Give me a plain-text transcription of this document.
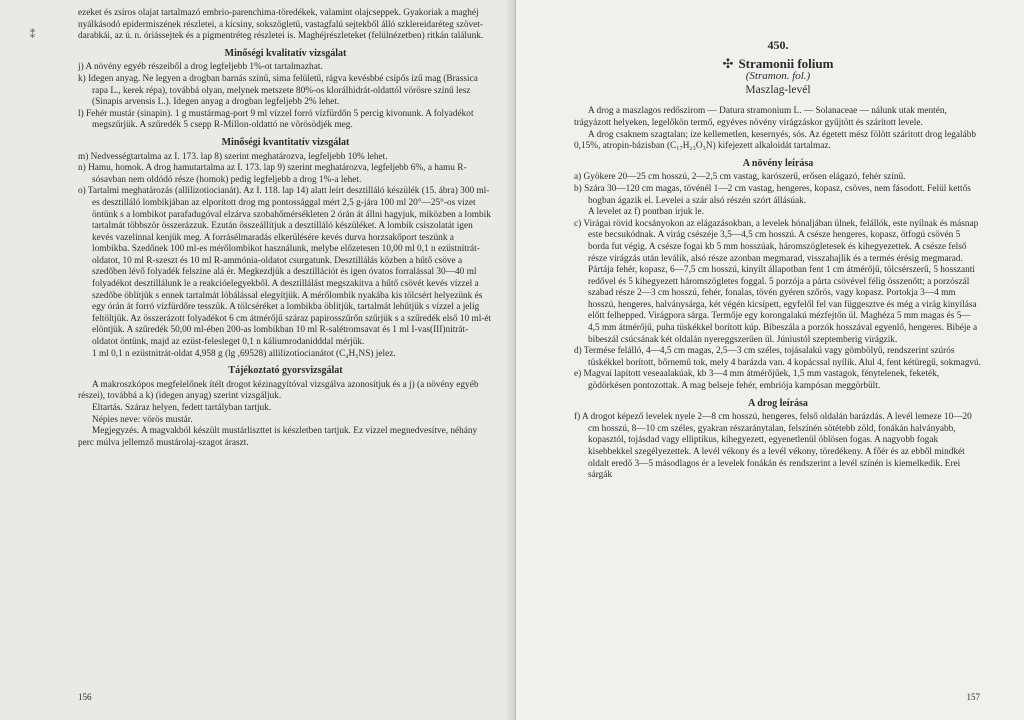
⁑

ezeket és zsíros olajat tartalmazó embrio-parenchima-töredékek, valamint olajcseppek. Gyakoriak a maghéj nyálkásodó epidermiszének részletei, a kicsiny, sokszögletű, vastagfalú sejtekből álló szklereidaréteg szövet-darabkái, az ú. n. óriássejtek és a pigmentréteg részletei is. Maghéjrészleteket (felülnézetben) ritkán találunk.

Minőségi kvalitatív vizsgálat

j) A növény egyéb részeiből a drog legfeljebb 1%-ot tartalmazhat.

k) Idegen anyag. Ne legyen a drogban barnás színű, sima felületű, rágva kevésbbé csípős ízű mag (Brassica rapa L., kerek répa), továbbá olyan, melynek metszete 80%-os klorálhidrát-oldattól vörösre színű lesz (Sinapis arvensis L.). Idegen anyag a drogban legfeljebb 2% lehet.

l) Fehér mustár (sinapin). 1 g mustármag-port 9 ml vízzel forró vízfürdőn 5 percig kivonunk. A folyadékot megszűrjük. A szűredék 5 csepp R-Millon-oldattó ne vörösödjék meg.

Minőségi kvantitatív vizsgálat

m) Nedvességtartalma az I. 173. lap 8) szerint meghatározva, legfeljebb 10% lehet.

n) Hamu, homok. A drog hamutartalma az I. 173. lap 9) szerint meghatározva, legfeljebb 6%, a hamu R-sósavban nem oldódó része (homok) pedig legfeljebb a drog 1%-a lehet.

o) Tartalmi meghatározás (allilizotiocianát). Az I. 118. lap 14) alatt leírt desztilláló készülék (15. ábra) 300 ml-es desztilláló lombikjában az elporított drog mg pontossággal mért 2,5 g-jára 100 ml 20°—25°-os vizet öntünk s a lombikot parafadugóval elzárva szobahőmérsékleten 2 órán át állni hagyjuk, miközben a lombik tartalmát többször összerázzuk. Ezután összeállítjuk a desztilláló készüléket. A lombik csiszolatát igen kevés vazelinnal kenjük meg. A forrásélmaradás elkerülésére kevés durva horzsakőport teszünk a lombikba. Szedőnek 100 ml-es mérőlombikot használunk, melybe előzetesen 10,00 ml 0,1 n ezüstnitrát-oldatot, 10 ml R-szeszt és 10 ml R-ammónia-oldatot csurgatunk. Desztillálás közben a hűtő csöve a szedőben lévő folyadék felszíne alá ér. Megkezdjük a desztillációt és igen óvatos forralással 30—40 ml folyadékot desztillálunk le a reakcióelegyekből. A desztillálást megszakítva a hűtő csövét kevés vízzel a szedőbe öblítjük s ennek tartalmát lóbálással elegyítjük. A mérőlombik nyakába kis tölcsért helyezünk és egy órán át forró vízfürdőre tesszük. A tölcséréket a lombikba öblítjük, tartalmát lehűtjük s vízzel a jelig feltöltjük. Az összerázott folyadékot 6 cm átmérőjű száraz papírosszűrőn szűrjük s a szűredék első 10 ml-ét elöntjük. A szűredék 50,00 ml-ében 200-as lombikban 10 ml R-salétromsavat és 1 ml I-vas(III)nitrát-oldatot öntünk, majd az ezüst-felesleget 0,1 n káliumrodanidddal mérjük.

1 ml 0,1 n ezüstnitrát-oldat 4,958 g (lg ,69528) allilizotiocianátot (C₄H₅NS) jelez.

Tájékoztató gyorsvizsgálat

A makroszkópos megfelelőnek ítélt drogot kézinagyítóval vizsgálva azonosítjuk és a j) (a növény egyéb részei), továbbá a k) (idegen anyag) szerint vizsgáljuk.

Eltartás. Száraz helyen, fedett tartályban tartjuk.

Népies neve: vörös mustár.

Megjegyzés. A magvakból készült mustárliszttet is készletben tartjuk. Ez vízzel megnedvesítve, néhány perc múlva jellemző mustárolaj-szagot áraszt.

156
450.
✣ Stramonii folium
(Stramon. fol.)
Maszlag-levél

A drog a maszlagos redőszirom — Datura stramonium L. — Solanaceae — nálunk utak mentén, trágyázott helyeken, legelőkön termő, egyéves növény virágzáskor gyűjtött és szárított levele.

A drog csaknem szagtalan; íze kellemetlen, kesernyés, sós. Az égetett mész fölött szárított drog legalább 0,15%, atropin-bázisban (C₁₇H₂₃O₃N) kifejezett alkaloidát tartalmaz.

A növény leírása

a) Gyökere 20—25 cm hosszú, 2—2,5 cm vastag, karószerű, erősen elágazó, fehér színű.

b) Szára 30—120 cm magas, tövénél 1—2 cm vastag, hengeres, kopasz, csöves, nem fásodott. Felül kettős bogban ágazik el. Levelei a szár alsó részén szórt állásúak.

A levelet az f) pontban írjuk le.

c) Virágai rövid kocsányokon az elágazásokban, a levelek hónaljában ülnek, felállók, este nyílnak és másnap este becsukódnak. A virág csészéje 3,5—4,5 cm hosszú. A csésze hengeres, kopasz, ötfogú csövén 5 borda fut végig. A csésze fogai kb 5 mm hosszúak, háromszögletesek és kihegyezettek. A csésze felső része virágzás után leválik, alsó része azonban megmarad, visszahajlik és a termés érésig megmarad. Pártája fehér, kopasz, 6—7,5 cm hosszú, kinyílt állapotban fent 1 cm átmérőjű, tölcsérszerű, 5 hosszanti redővel és 5 kihegyezett háromszögletes foggal. 5 porzója a párta csövével félig összenőtt; a porzószál szabad része 2—3 cm hosszú, fehér, fonalas, tövén gyéren szőrös, vagy kopasz. Portokja 3—4 mm hosszú, hengeres, halványsárga, két végén kicsípett, egyfelől fel van függesztve és még a virág kinyílása előtt felhepped. Virágpora sárga. Termője egy korongalakú mézfejtőn ül. Maghéza 5 mm magas és 5—4,5 mm átmérőjű, puha tüskékkel borított kúp. Bibeszála a porzók hosszával egyenlő, hengeres. Bibéje a bibeszál csúcsának két oldalán nyereggszerűen ül. Júniustól szeptemberig virágzik.

d) Termése felálló, 4—4,5 cm magas, 2,5—3 cm széles, tojásalakú vagy gömbölyű, rendszerint szúrós tüskékkel borított, bőrnemű tok, mely 4 barázda van. 4 kopácssal nyílik. Alul 4, fent kétüregű, sokmagvú.

e) Magvai lapított veseaalakúak, kb 3—4 mm átmérőjűek, 1,5 mm vastagok, fénytelenek, feketék, gödörkésen pontozottak. A mag belseje fehér, embriója kampósan meggörbült.

A drog leírása

f) A drogot képező levelek nyele 2—8 cm hosszú, hengeres, felső oldalán barázdás. A levél lemeze 10—20 cm hosszú, 8—10 cm széles, gyakran részaránytalan, felszínén sötétebb zöld, fonákán halványabb, kopasztól, tojásdad vagy elliptikus, kihegyezett, egyenetlenül öblösen fogas. A nagyobb fogak kisebbekkel szegélyezettek. A levél vékony és a levél vékony, töredékeny. A főér és az ebből mindkét oldalt eredő 3—5 másodlagos ér a levelek fonákán és rendszerint a levél színén is kiemelkedik. Erei sárgák

157
